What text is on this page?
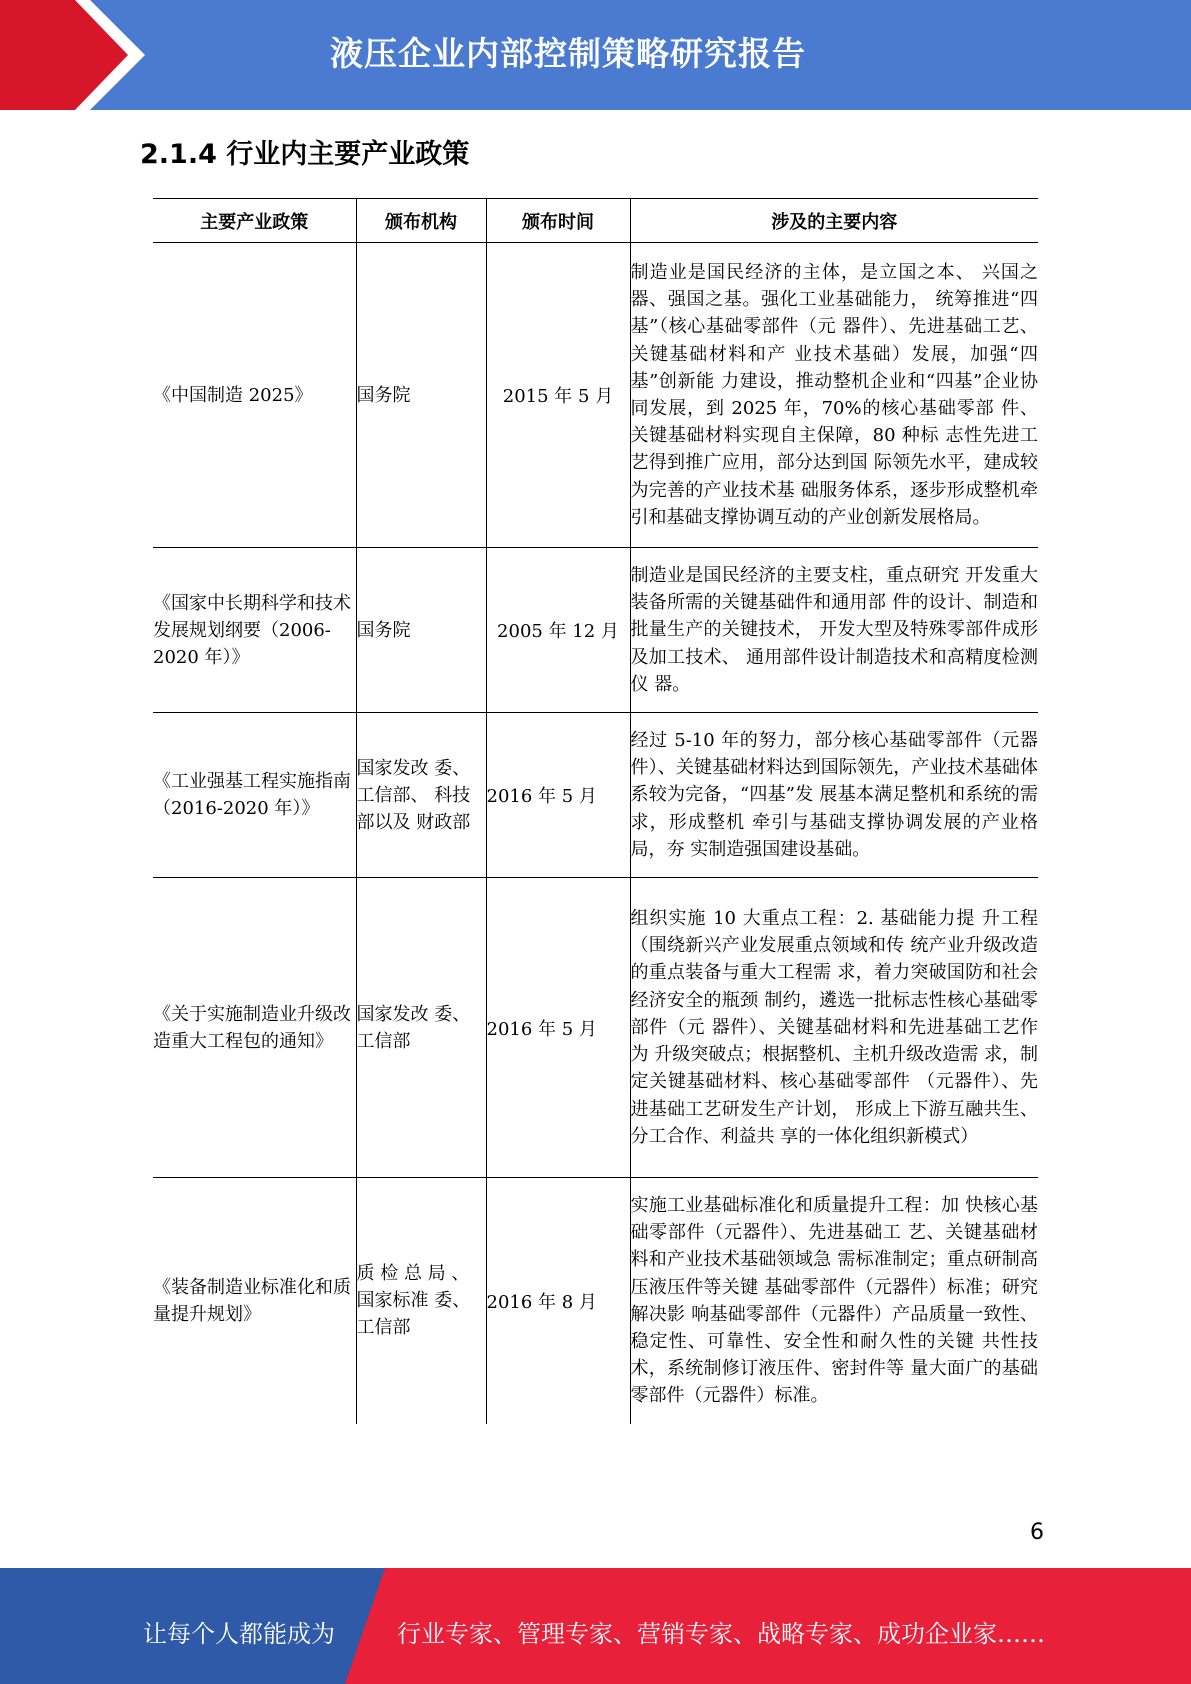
液压企业内部控制策略研究报告
2.1.4 行业内主要产业政策
主要产业政策	颁布机构	颁布时间	涉及的主要内容
《中国制造 2025》	国务院	2015 年 5 月	制造业是国民经济的主体，是立国之本、 兴国之器、强国之基。强化工业基础能力， 统筹推进“四基”（核心基础零部件（元 器件）、先进基础工艺、关键基础材料和产 业技术基础）发展，加强“四基”创新能 力建设，推动整机企业和“四基”企业协 同发展，到 2025 年，70%的核心基础零部 件、关键基础材料实现自主保障，80 种标 志性先进工艺得到推广应用，部分达到国 际领先水平，建成较为完善的产业技术基 础服务体系，逐步形成整机牵引和基础支撑协调互动的产业创新发展格局。
《国家中长期科学和技术发展规划纲要（2006-2020 年）》	国务院	2005 年 12 月	制造业是国民经济的主要支柱，重点研究 开发重大装备所需的关键基础件和通用部 件的设计、制造和批量生产的关键技术， 开发大型及特殊零部件成形及加工技术、 通用部件设计制造技术和高精度检测仪 器。
《工业强基工程实施指南（2016-2020 年）》	国家发改 委、工信部、 科技部以及 财政部	2016 年 5 月	经过 5-10 年的努力，部分核心基础零部件（元器件）、关键基础材料达到国际领先，产业技术基础体系较为完备，“四基”发 展基本满足整机和系统的需求，形成整机 牵引与基础支撑协调发展的产业格局，夯 实制造强国建设基础。
《关于实施制造业升级改造重大工程包的通知》	国家发改 委、工信部	2016 年 5 月	组织实施 10 大重点工程：2. 基础能力提 升工程（围绕新兴产业发展重点领域和传 统产业升级改造的重点装备与重大工程需 求，着力突破国防和社会经济安全的瓶颈 制约，遴选一批标志性核心基础零部件（元 器件）、关键基础材料和先进基础工艺作为 升级突破点；根据整机、主机升级改造需 求，制定关键基础材料、核心基础零部件 （元器件）、先进基础工艺研发生产计划， 形成上下游互融共生、分工合作、利益共 享的一体化组织新模式）
《装备制造业标准化和质量提升规划》	质 检 总 局 、国家标准 委、工信部	2016 年 8 月	实施工业基础标准化和质量提升工程：加 快核心基础零部件（元器件）、先进基础工 艺、关键基础材料和产业技术基础领域急 需标准制定；重点研制高压液压件等关键 基础零部件（元器件）标准；研究解决影 响基础零部件（元器件）产品质量一致性、 稳定性、可靠性、安全性和耐久性的关键 共性技术，系统制修订液压件、密封件等 量大面广的基础零部件（元器件）标准。
6
让每个人都能成为	行业专家、管理专家、营销专家、战略专家、成功企业家……
